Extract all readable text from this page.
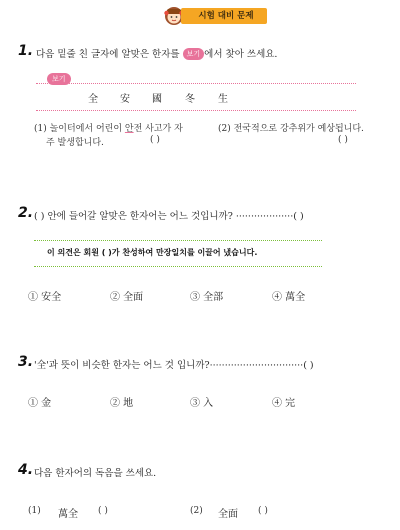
시험 대비 문제
1. 다음 밑줄 친 글자에 알맞은 한자를 보기 에서 찾아 쓰세요.
보기
全 安 國 冬 生
(1) 놀이터에서 어린이 안전 사고가 자
주 발생합니다.	( )
(2) 전국적으로 강추위가 예상됩니다.
( )
2. ( ) 안에 들어갈 알맞은 한자어는 어느 것입니까? ···················( )
이 의견은 회원 ( )가 찬성하여 만장일치를 이끌어 냈습니다.
① 安全	② 全面	③ 全部	④ 萬全
3. '全'과 뜻이 비슷한 한자는 어느 것 입니까?·······························( )
① 金	② 地	③ 入	④ 完
4. 다음 한자어의 독음을 쓰세요.
(1) 萬全 ( )	(2) 全面 ( )
